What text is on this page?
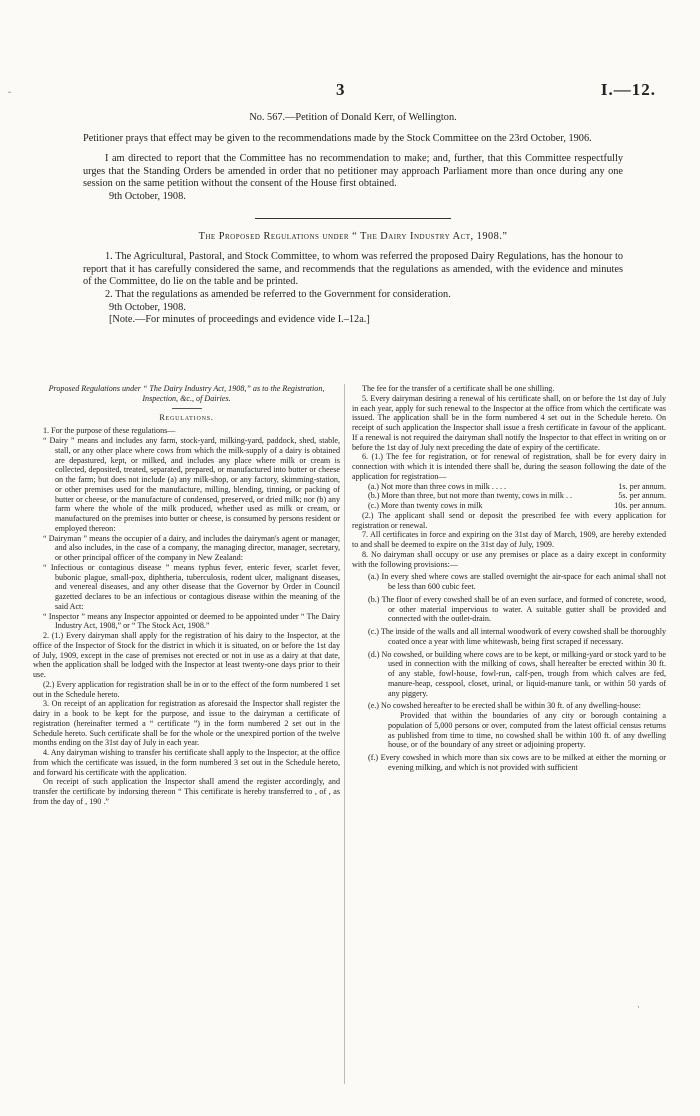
ˇ	3	I.—12.

No. 567.—Petition of Donald Kerr, of Wellington.

Petitioner prays that effect may be given to the recommendations made by the Stock Committee on the 23rd October, 1906.

I am directed to report that the Committee has no recommendation to make; and, further, that this Committee respectfully urges that the Standing Orders be amended in order that no petitioner may approach Parliament more than once during any one session on the same petition without the consent of the House first obtained.

9th October, 1908.

The Proposed Regulations under “ The Dairy Industry Act, 1908.”

1. The Agricultural, Pastoral, and Stock Committee, to whom was referred the proposed Dairy Regulations, has the honour to report that it has carefully considered the same, and recommends that the regulations as amended, with the evidence and minutes of the Committee, do lie on the table and be printed.

2. That the regulations as amended be referred to the Government for consideration.

9th October, 1908.

[Note.—For minutes of proceedings and evidence vide I.–12a.]

Proposed Regulations under “ The Dairy Industry Act, 1908,” as to the Registration, Inspection, &c., of Dairies.

Regulations.

1. For the purpose of these regulations—

“ Dairy ” means and includes any farm, stock-yard, milking-yard, paddock, shed, stable, stall, or any other place where cows from which the milk-supply of a dairy is obtained are depastured, kept, or milked, and includes any place where milk or cream is collected, deposited, treated, separated, prepared, or manufactured into butter or cheese on the farm; but does not include (a) any milk-shop, or any factory, skimming-station, or other premises used for the manufacture, milling, blending, tinning, or packing of butter or cheese, or the manufacture of condensed, preserved, or dried milk; nor (b) any farm where the whole of the milk produced, whether used as milk or cream, or manufactured on the premises into butter or cheese, is consumed by persons resident or employed thereon:

“ Dairyman ” means the occupier of a dairy, and includes the dairyman's agent or manager, and also includes, in the case of a company, the managing director, manager, secretary, or other principal officer of the company in New Zealand:

“ Infectious or contagious disease ” means typhus fever, enteric fever, scarlet fever, bubonic plague, small-pox, diphtheria, tuberculosis, rodent ulcer, malignant diseases, and venereal diseases, and any other disease that the Governor by Order in Council gazetted declares to be an infectious or contagious disease within the meaning of the said Act:

“ Inspector ” means any Inspector appointed or deemed to be appointed under “ The Dairy Industry Act, 1908,” or “ The Stock Act, 1908.”

2. (1.) Every dairyman shall apply for the registration of his dairy to the Inspector, at the office of the Inspector of Stock for the district in which it is situated, on or before the 1st day of July, 1909, except in the case of premises not erected or not in use as a dairy at that date, when the application shall be lodged with the Inspector at least twenty-one days prior to their use.

(2.) Every application for registration shall be in or to the effect of the form numbered 1 set out in the Schedule hereto.

3. On receipt of an application for registration as aforesaid the Inspector shall register the dairy in a book to be kept for the purpose, and issue to the dairyman a certificate of registration (hereinafter termed a “ certificate ”) in the form numbered 2 set out in the Schedule hereto. Such certificate shall be for the whole or the unexpired portion of the twelve months ending on the 31st day of July in each year.

4. Any dairyman wishing to transfer his certificate shall apply to the Inspector, at the office from which the certificate was issued, in the form numbered 3 set out in the Schedule hereto, and forward his certificate with the application.

On receipt of such application the Inspector shall amend the register accordingly, and transfer the certificate by indorsing thereon “ This certificate is hereby transferred to , of , as from the day of , 190 .”

The fee for the transfer of a certificate shall be one shilling.

5. Every dairyman desiring a renewal of his certificate shall, on or before the 1st day of July in each year, apply for such renewal to the Inspector at the office from which the certificate was issued. The application shall be in the form numbered 4 set out in the Schedule hereto. On receipt of such application the Inspector shall issue a fresh certificate in favour of the applicant. If a renewal is not required the dairyman shall notify the Inspector to that effect in writing on or before the 1st day of July next preceding the date of expiry of the certificate.

6. (1.) The fee for registration, or for renewal of registration, shall be for every dairy in connection with which it is intended there shall be, during the season following the date of the application for registration—

(a.) Not more than three cows in milk . . . .	1s. per annum.
(b.) More than three, but not more than twenty, cows in milk . .	5s. per annum.
(c.) More than twenty cows in milk	10s. per annum.

(2.) The applicant shall send or deposit the prescribed fee with every application for registration or renewal.

7. All certificates in force and expiring on the 31st day of March, 1909, are hereby extended to and shall be deemed to expire on the 31st day of July, 1909.

8. No dairyman shall occupy or use any premises or place as a dairy except in conformity with the following provisions:—

(a.) In every shed where cows are stalled overnight the air-space for each animal shall not be less than 600 cubic feet.

(b.) The floor of every cowshed shall be of an even surface, and formed of concrete, wood, or other material impervious to water. A suitable gutter shall be provided and connected with the outlet-drain.

(c.) The inside of the walls and all internal woodwork of every cowshed shall be thoroughly coated once a year with lime whitewash, being first scraped if necessary.

(d.) No cowshed, or building where cows are to be kept, or milking-yard or stock yard to be used in connection with the milking of cows, shall hereafter be erected within 30 ft. of any stable, fowl-house, fowl-run, calf-pen, trough from which calves are fed, manure-heap, cesspool, closet, urinal, or liquid-manure tank, or within 50 yards of any piggery.

(e.) No cowshed hereafter to be erected shall be within 30 ft. of any dwelling-house:

Provided that within the boundaries of any city or borough containing a population of 5,000 persons or over, computed from the latest official census returns as published from time to time, no cowshed shall be within 100 ft. of any dwelling house, or of the boundary of any street or adjoining property.

(f.) Every cowshed in which more than six cows are to be milked at either the morning or evening milking, and which is not provided with sufficient

·
